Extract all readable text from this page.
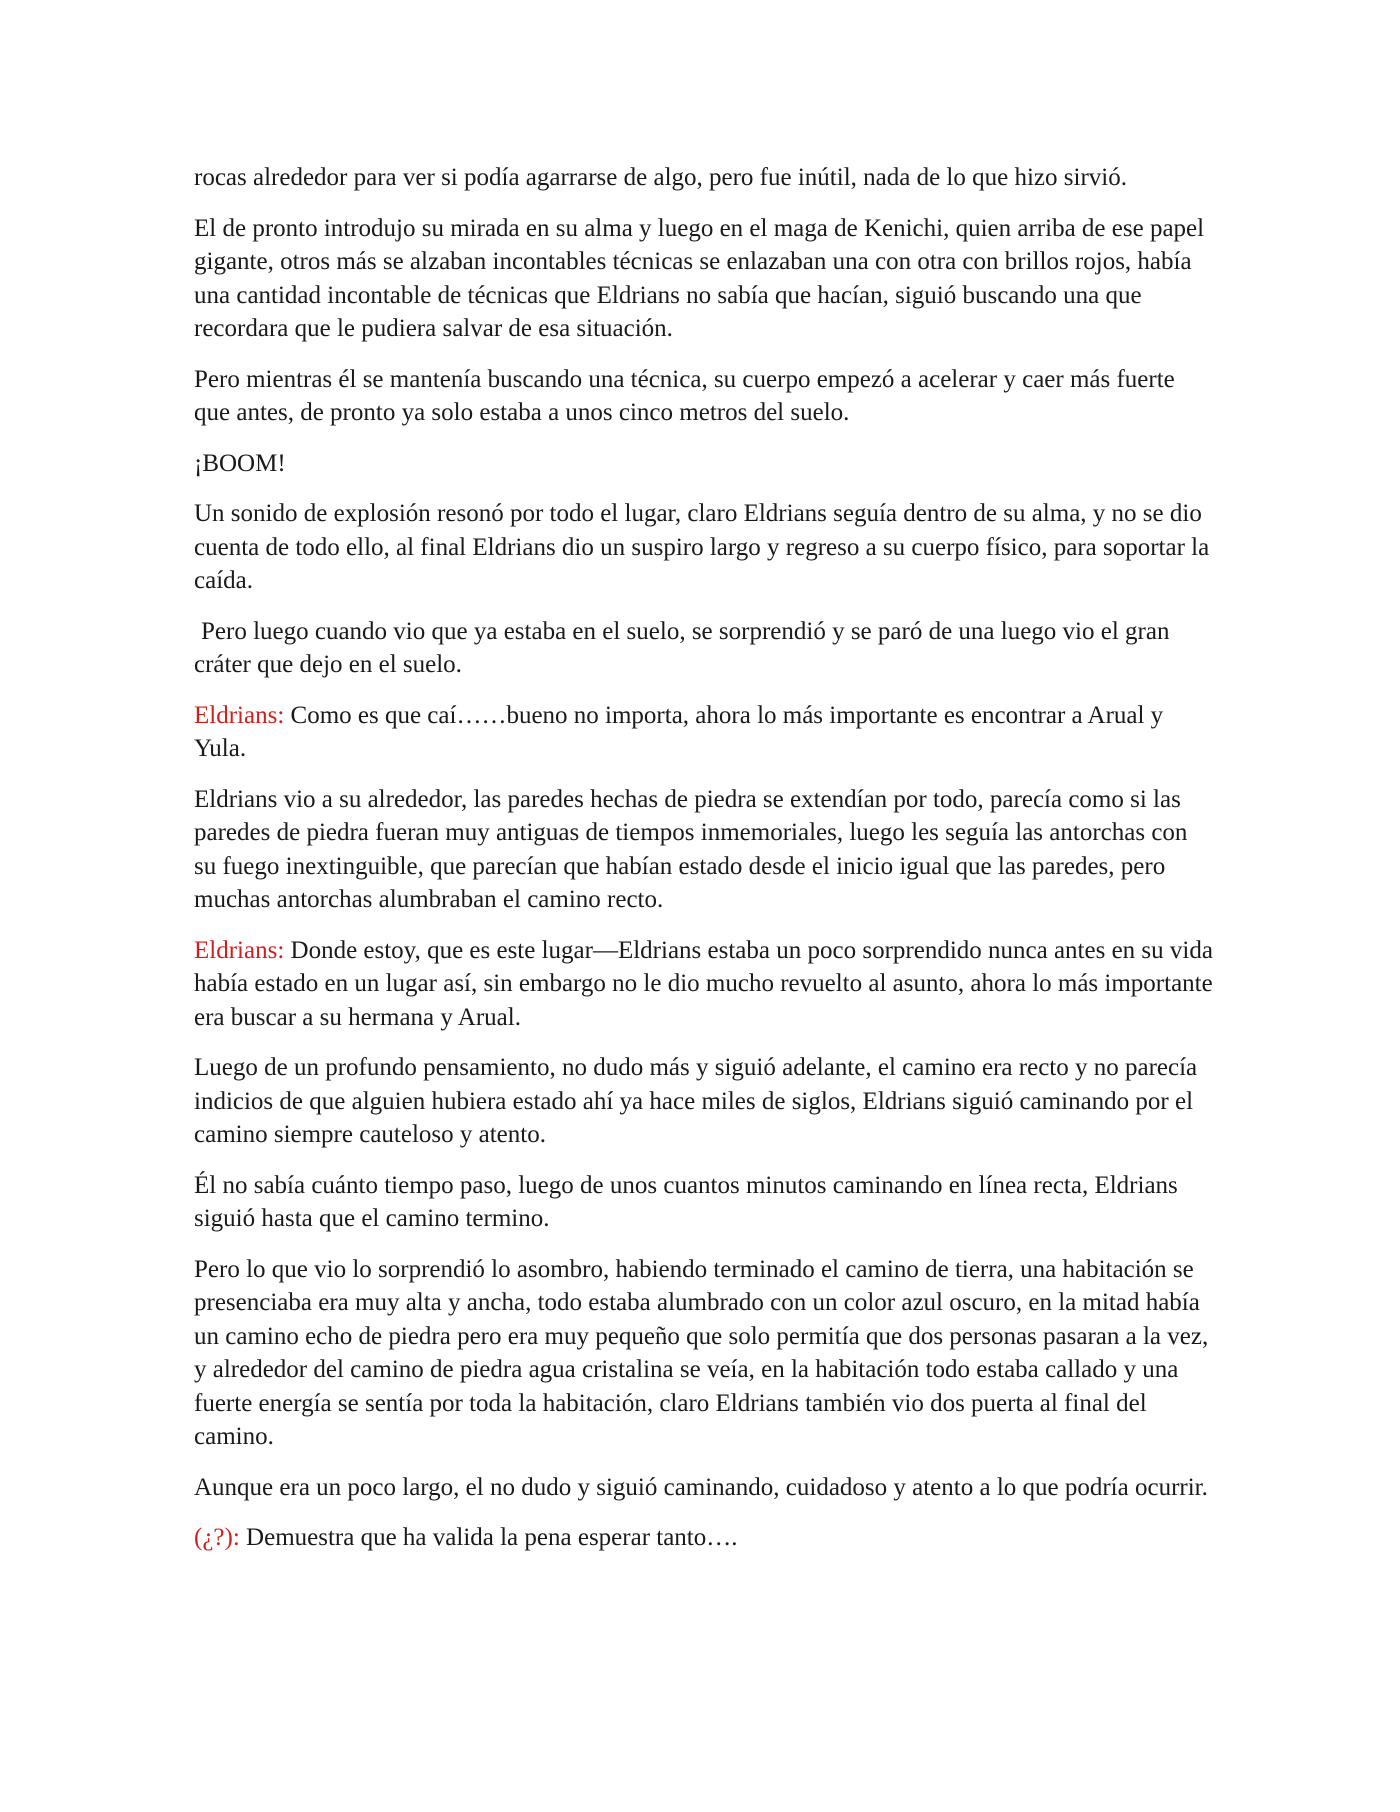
rocas alrededor para ver si podía agarrarse de algo, pero fue inútil, nada de lo que hizo sirvió.

El de pronto introdujo su mirada en su alma y luego en el maga de Kenichi, quien arriba de ese papel gigante, otros más se alzaban incontables técnicas se enlazaban una con otra con brillos rojos, había una cantidad incontable de técnicas que Eldrians no sabía que hacían, siguió buscando una que recordara que le pudiera salvar de esa situación.

Pero mientras él se mantenía buscando una técnica, su cuerpo empezó a acelerar y caer más fuerte que antes, de pronto ya solo estaba a unos cinco metros del suelo.

¡BOOM!

Un sonido de explosión resonó por todo el lugar, claro Eldrians seguía dentro de su alma, y no se dio cuenta de todo ello, al final Eldrians dio un suspiro largo y regreso a su cuerpo físico, para soportar la caída.

Pero luego cuando vio que ya estaba en el suelo, se sorprendió y se paró de una luego vio el gran cráter que dejo en el suelo.

Eldrians: Como es que caí……bueno no importa, ahora lo más importante es encontrar a Arual y Yula.

Eldrians vio a su alrededor, las paredes hechas de piedra se extendían por todo, parecía como si las paredes de piedra fueran muy antiguas de tiempos inmemoriales, luego les seguía las antorchas con su fuego inextinguible, que parecían que habían estado desde el inicio igual que las paredes, pero muchas antorchas alumbraban el camino recto.

Eldrians: Donde estoy, que es este lugar—Eldrians estaba un poco sorprendido nunca antes en su vida había estado en un lugar así, sin embargo no le dio mucho revuelto al asunto, ahora lo más importante era buscar a su hermana y Arual.

Luego de un profundo pensamiento, no dudo más y siguió adelante, el camino era recto y no parecía indicios de que alguien hubiera estado ahí ya hace miles de siglos, Eldrians siguió caminando por el camino siempre cauteloso y atento.

Él no sabía cuánto tiempo paso, luego de unos cuantos minutos caminando en línea recta, Eldrians siguió hasta que el camino termino.

Pero lo que vio lo sorprendió lo asombro, habiendo terminado el camino de tierra, una habitación se presenciaba era muy alta y ancha, todo estaba alumbrado con un color azul oscuro, en la mitad había un camino echo de piedra pero era muy pequeño que solo permitía que dos personas pasaran a la vez, y alrededor del camino de piedra agua cristalina se veía, en la habitación todo estaba callado y una fuerte energía se sentía por toda la habitación, claro Eldrians también vio dos puerta al final del camino.

Aunque era un poco largo, el no dudo y siguió caminando, cuidadoso y atento a lo que podría ocurrir.

(¿?): Demuestra que ha valida la pena esperar tanto….
